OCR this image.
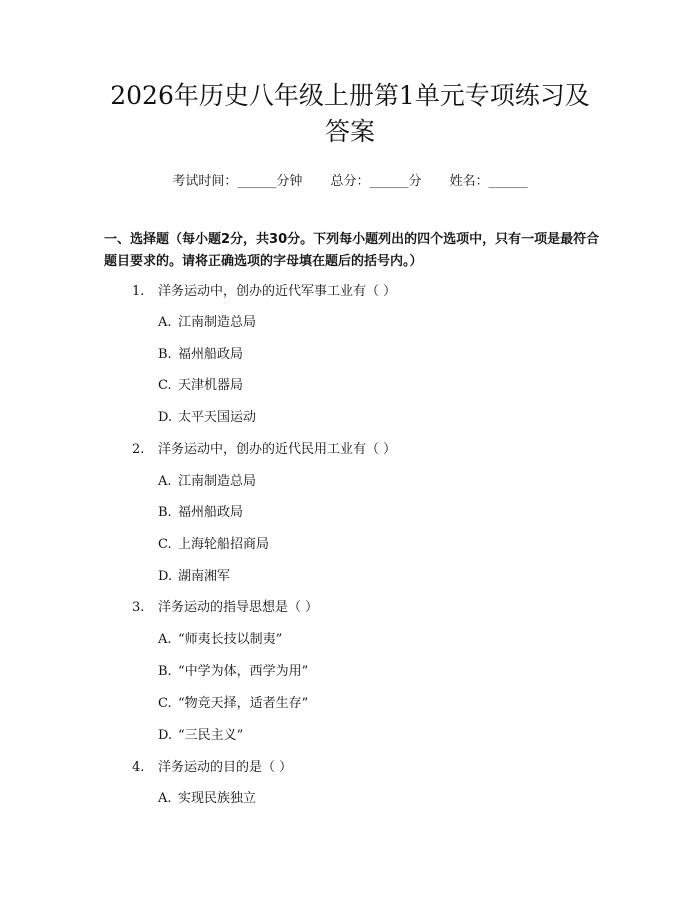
2026年历史八年级上册第1单元专项练习及
答案
考试时间：______分钟 总分：______分 姓名：______

一、选择题（每小题2分，共30分。下列每小题列出的四个选项中，只有一项是最符合题目要求的。请将正确选项的字母填在题后的括号内。）

1. 洋务运动中，创办的近代军事工业有（ ）
A. 江南制造总局
B. 福州船政局
C. 天津机器局
D. 太平天国运动
2. 洋务运动中，创办的近代民用工业有（ ）
A. 江南制造总局
B. 福州船政局
C. 上海轮船招商局
D. 湖南湘军
3. 洋务运动的指导思想是（ ）
A. “师夷长技以制夷”
B. “中学为体，西学为用”
C. “物竞天择，适者生存”
D. “三民主义”
4. 洋务运动的目的是（ ）
A. 实现民族独立
